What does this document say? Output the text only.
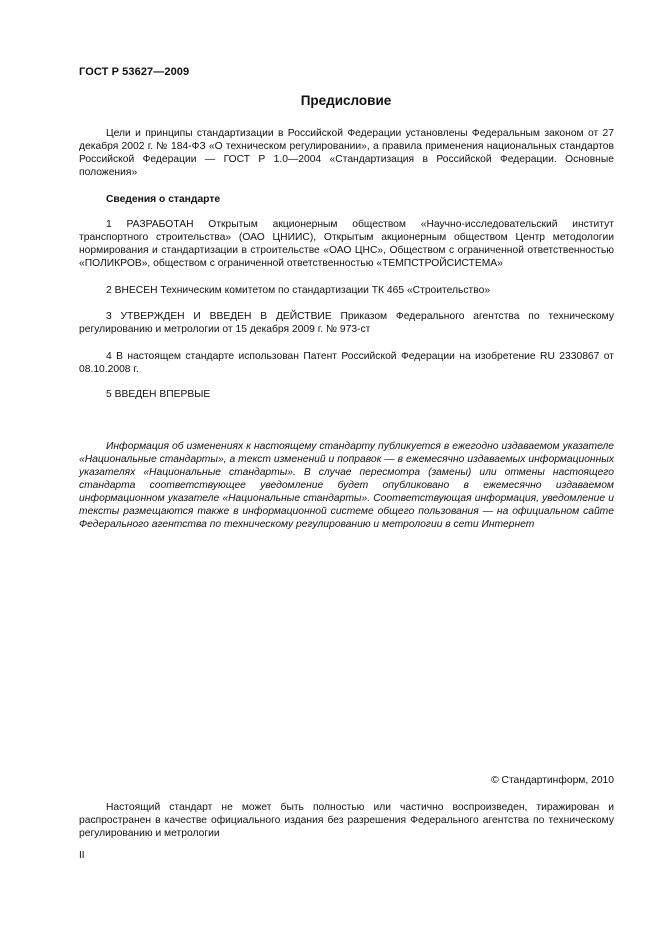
ГОСТ Р 53627—2009
Предисловие

Цели и принципы стандартизации в Российской Федерации установлены Федеральным законом от 27 декабря 2002 г. № 184-ФЗ «О техническом регулировании», а правила применения национальных стандартов Российской Федерации — ГОСТ Р 1.0—2004 «Стандартизация в Российской Федерации. Основные положения»

Сведения о стандарте

1 РАЗРАБОТАН Открытым акционерным обществом «Научно-исследовательский институт транспортного строительства» (ОАО ЦНИИС), Открытым акционерным обществом Центр методологии нормирования и стандартизации в строительстве «ОАО ЦНС», Обществом с ограниченной ответственностью «ПОЛИКРОВ», обществом с ограниченной ответственностью «ТЕМПСТРОЙСИСТЕМА»

2 ВНЕСЕН Техническим комитетом по стандартизации ТК 465 «Строительство»

3 УТВЕРЖДЕН И ВВЕДЕН В ДЕЙСТВИЕ Приказом Федерального агентства по техническому регулированию и метрологии от 15 декабря 2009 г. № 973-ст

4 В настоящем стандарте использован Патент Российской Федерации на изобретение RU 2330867 от 08.10.2008 г.

5 ВВЕДЕН ВПЕРВЫЕ

Информация об изменениях к настоящему стандарту публикуется в ежегодно издаваемом указателе «Национальные стандарты», а текст изменений и поправок — в ежемесячно издаваемых информационных указателях «Национальные стандарты». В случае пересмотра (замены) или отмены настоящего стандарта соответствующее уведомление будет опубликовано в ежемесячно издаваемом информационном указателе «Национальные стандарты». Соответствующая информация, уведомление и тексты размещаются также в информационной системе общего пользования — на официальном сайте Федерального агентства по техническому регулированию и метрологии в сети Интернет

© Стандартинформ, 2010

Настоящий стандарт не может быть полностью или частично воспроизведен, тиражирован и распространен в качестве официального издания без разрешения Федерального агентства по техническому регулированию и метрологии

II
